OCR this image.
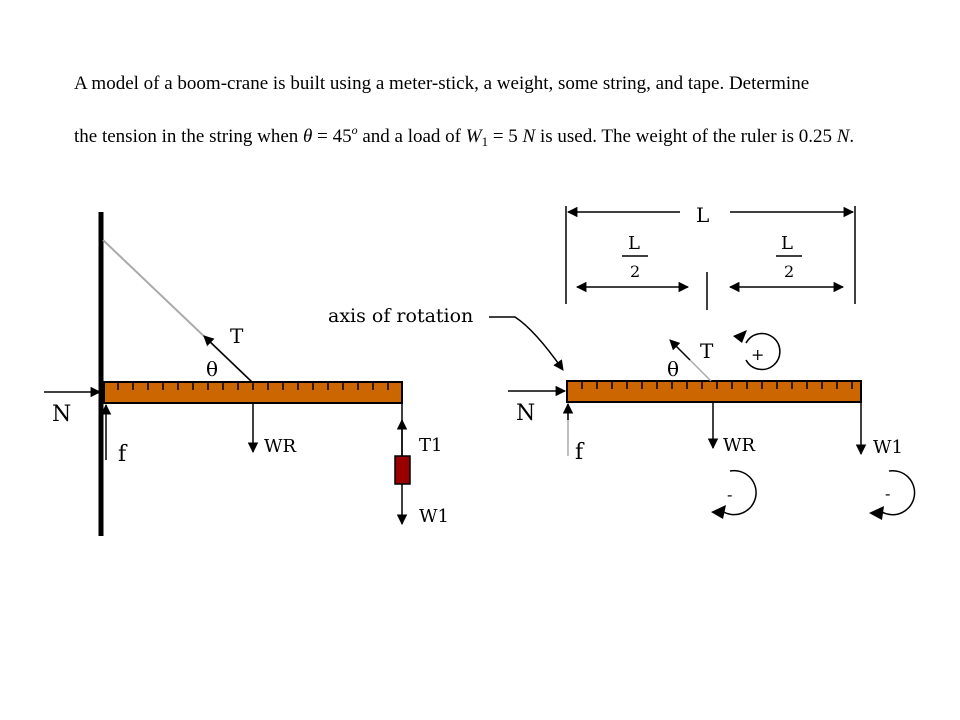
A model of a boom-crane is built using a meter-stick, a weight, some string, and tape. Determine

the tension in the string when $\theta = 45^o$ and a load of $W_1 = 5$ N is used. The weight of the ruler is 0.25 N.

N
f
T
θ
WR	T1
W1
L
L
2
L
2
axis of rotation
N
f
T
θ
+
WR
-
W1
-
